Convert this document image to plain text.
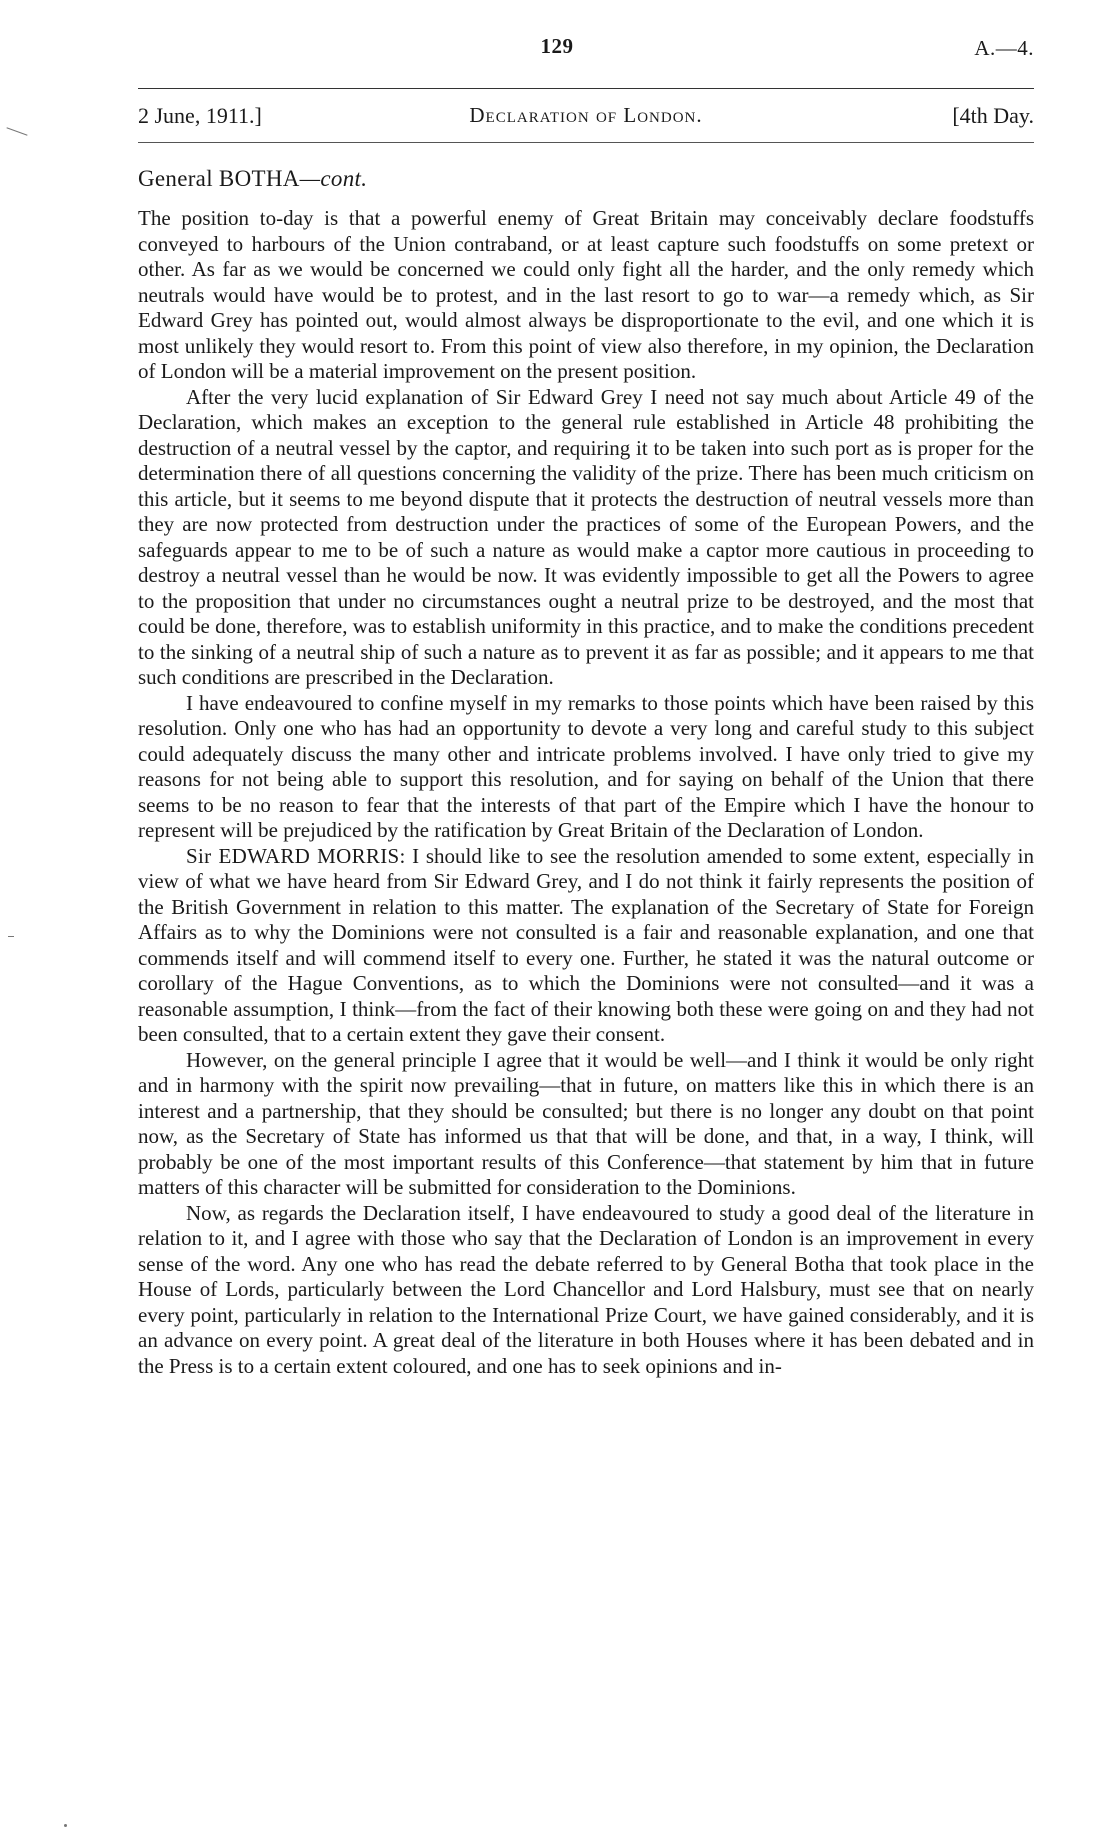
129	A.—4.
2 June, 1911.]	Declaration of London.	[4th Day.
General BOTHA—cont.

The position to-day is that a powerful enemy of Great Britain may conceivably declare foodstuffs conveyed to harbours of the Union contraband, or at least capture such foodstuffs on some pretext or other. As far as we would be concerned we could only fight all the harder, and the only remedy which neutrals would have would be to protest, and in the last resort to go to war—a remedy which, as Sir Edward Grey has pointed out, would almost always be disproportionate to the evil, and one which it is most unlikely they would resort to. From this point of view also therefore, in my opinion, the Declaration of London will be a material improvement on the present position.

After the very lucid explanation of Sir Edward Grey I need not say much about Article 49 of the Declaration, which makes an exception to the general rule established in Article 48 prohibiting the destruction of a neutral vessel by the captor, and requiring it to be taken into such port as is proper for the determination there of all questions concerning the validity of the prize. There has been much criticism on this article, but it seems to me beyond dispute that it protects the destruction of neutral vessels more than they are now protected from destruction under the practices of some of the European Powers, and the safeguards appear to me to be of such a nature as would make a captor more cautious in proceeding to destroy a neutral vessel than he would be now. It was evidently impossible to get all the Powers to agree to the proposition that under no circumstances ought a neutral prize to be destroyed, and the most that could be done, therefore, was to establish uniformity in this practice, and to make the conditions precedent to the sinking of a neutral ship of such a nature as to prevent it as far as possible; and it appears to me that such conditions are prescribed in the Declaration.

I have endeavoured to confine myself in my remarks to those points which have been raised by this resolution. Only one who has had an opportunity to devote a very long and careful study to this subject could adequately discuss the many other and intricate problems involved. I have only tried to give my reasons for not being able to support this resolution, and for saying on behalf of the Union that there seems to be no reason to fear that the interests of that part of the Empire which I have the honour to represent will be prejudiced by the ratification by Great Britain of the Declaration of London.

Sir EDWARD MORRIS: I should like to see the resolution amended to some extent, especially in view of what we have heard from Sir Edward Grey, and I do not think it fairly represents the position of the British Government in relation to this matter. The explanation of the Secretary of State for Foreign Affairs as to why the Dominions were not consulted is a fair and reasonable explanation, and one that commends itself and will commend itself to every one. Further, he stated it was the natural outcome or corollary of the Hague Conventions, as to which the Dominions were not consulted—and it was a reasonable assumption, I think—from the fact of their knowing both these were going on and they had not been consulted, that to a certain extent they gave their consent.

However, on the general principle I agree that it would be well—and I think it would be only right and in harmony with the spirit now prevailing—that in future, on matters like this in which there is an interest and a partnership, that they should be consulted; but there is no longer any doubt on that point now, as the Secretary of State has informed us that that will be done, and that, in a way, I think, will probably be one of the most important results of this Conference—that statement by him that in future matters of this character will be submitted for consideration to the Dominions.

Now, as regards the Declaration itself, I have endeavoured to study a good deal of the literature in relation to it, and I agree with those who say that the Declaration of London is an improvement in every sense of the word. Any one who has read the debate referred to by General Botha that took place in the House of Lords, particularly between the Lord Chancellor and Lord Halsbury, must see that on nearly every point, particularly in relation to the International Prize Court, we have gained considerably, and it is an advance on every point. A great deal of the literature in both Houses where it has been debated and in the Press is to a certain extent coloured, and one has to seek opinions and in-
